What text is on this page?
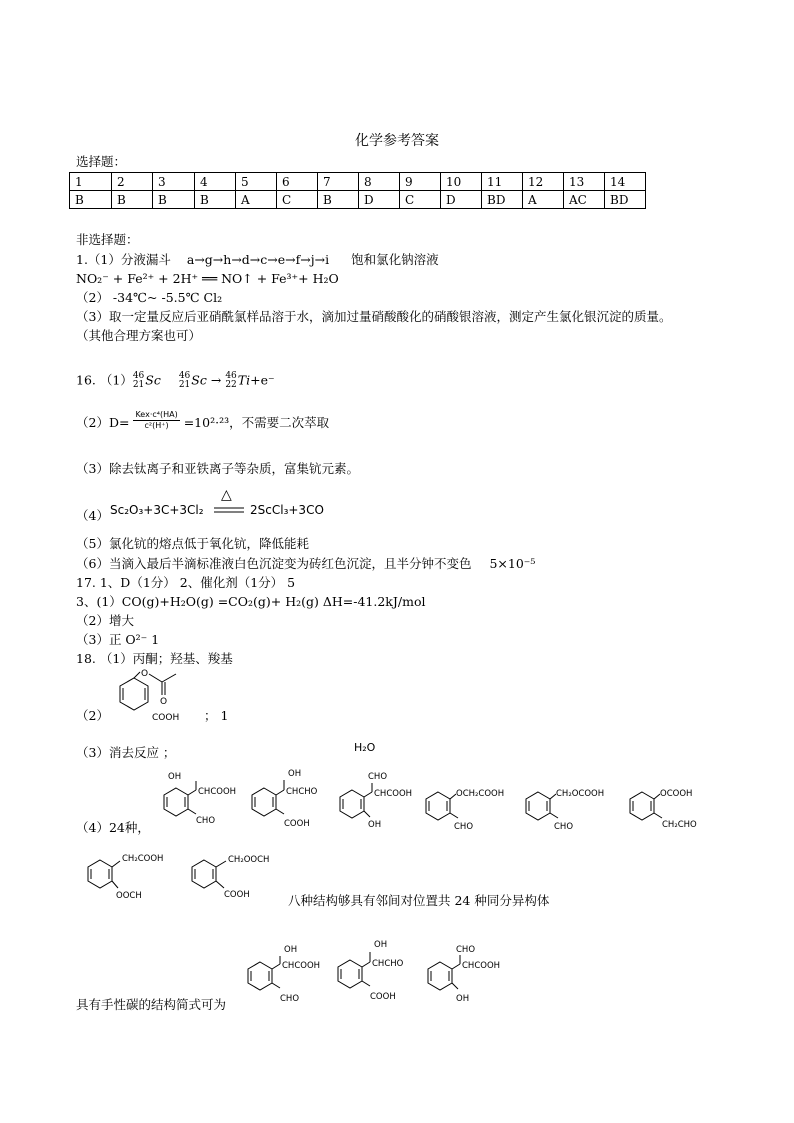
化学参考答案
选择题：
1	2	3	4	5	6	7	8	9	10	11	12	13	14
B	B	B	B	A	C	B	D	C	D	BD	A	AC	BD
非选择题：
1.（1）分液漏斗 a→g→h→d→c→e→f→j→i 饱和氯化钠溶液
NO₂⁻ + Fe²⁺ + 2H⁺ ══ NO↑ + Fe³⁺+ H₂O
（2） -34℃~ -5.5℃ Cl₂
（3）取一定量反应后亚硝酰氯样品溶于水，滴加过量硝酸酸化的硝酸银溶液，测定产生氯化银沉淀的质量。
（其他合理方案也可）
16. （1）46
21Sc 46
21Sc → 46
22Ti+e⁻
$(2)D= \frac{\text{Kex·c⁴(HA)}}{\text{c²(H⁺)}} =10^2\cdot^{23}$，不需要二次萃取
（3）除去钛离子和亚铁离子等杂质，富集钪元素。
（4） Sc₂O₃+3C+3Cl₂
△
2ScCl₃+3CO
（5）氯化钪的熔点低于氧化钪，降低能耗
（6）当滴入最后半滴标准液白色沉淀变为砖红色沉淀，且半分钟不变色 5×10⁻⁵
17. 1、D（1分） 2、催化剂（1分） 5
3、(1）CO(g)+H₂O(g) =CO₂(g)+ H₂(g) ΔH=-41.2kJ/mol
（2）增大
（3）正 O²⁻ 1
18. （1）丙酮；羟基、羧基
（2）
O
O
COOH ； 1
（3）消去反应 ；	H₂O
（4）24种，
OH
CHCOOH
CHO
OH
CHCHO
COOH
CHO
CHCOOH
OH
OCH₂COOH
CHO
CH₂OCOOH
CHO
OCOOH
CH₂CHO
CH₂COOH
OOCH
CH₂OOCH
COOH	八种结构够具有邻间对位置共 24 种同分异构体
具有手性碳的结构简式可为
OH
CHCOOH
CHO
OH
CHCHO
COOH
CHO
CHCOOH
OH
